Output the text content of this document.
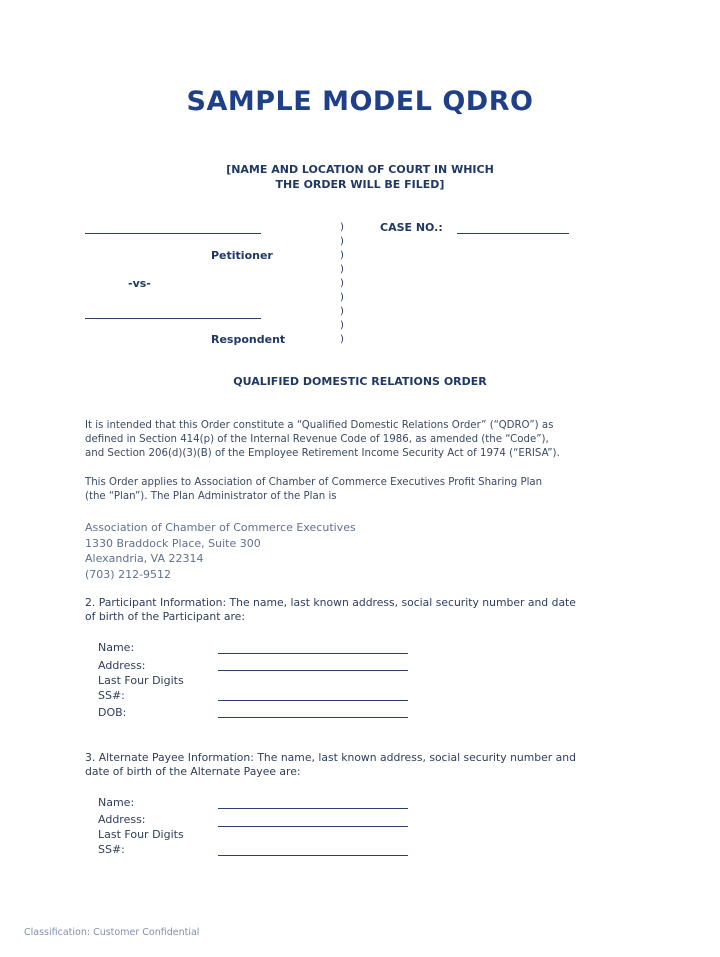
SAMPLE MODEL QDRO
[NAME AND LOCATION OF COURT IN WHICH
THE ORDER WILL BE FILED]
Petitioner
-vs-
Respondent
)
)
)
)
)
)
)
)
)
CASE NO.:
QUALIFIED DOMESTIC RELATIONS ORDER
It is intended that this Order constitute a “Qualified Domestic Relations Order” (“QDRO”) as
defined in Section 414(p) of the Internal Revenue Code of 1986, as amended (the “Code”),
and Section 206(d)(3)(B) of the Employee Retirement Income Security Act of 1974 (“ERISA”).
This Order applies to Association of Chamber of Commerce Executives Profit Sharing Plan
(the “Plan”). The Plan Administrator of the Plan is
Association of Chamber of Commerce Executives
1330 Braddock Place, Suite 300
Alexandria, VA 22314
(703) 212-9512
2. Participant Information: The name, last known address, social security number and date
of birth of the Participant are:
Name:
Address:
Last Four Digits
SS#:
DOB:
3. Alternate Payee Information: The name, last known address, social security number and
date of birth of the Alternate Payee are:
Name:
Address:
Last Four Digits
SS#:
Classification: Customer Confidential
